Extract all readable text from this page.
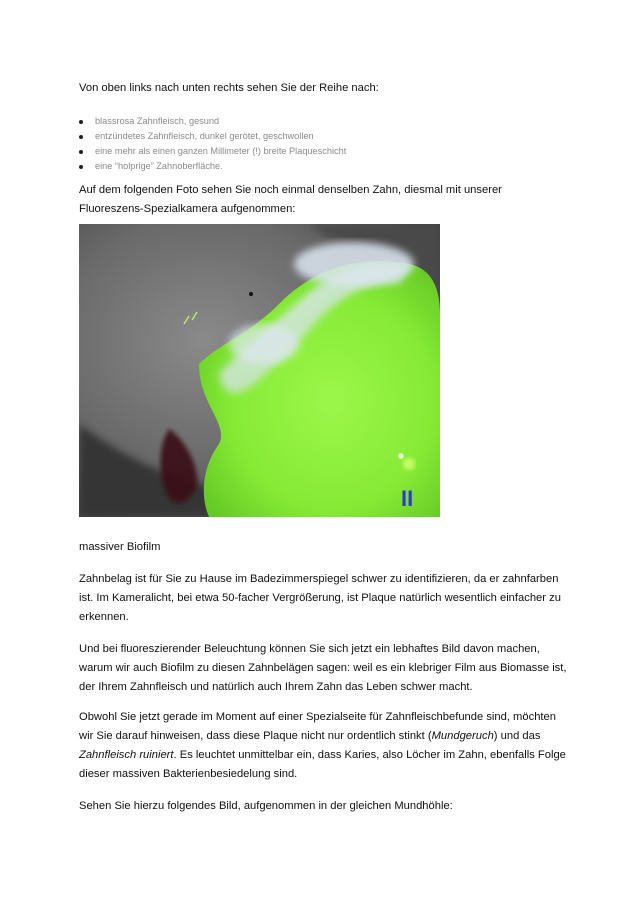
Von oben links nach unten rechts sehen Sie der Reihe nach:

blassrosa Zahnfleisch, gesund
entzündetes Zahnfleisch, dunkel gerötet, geschwollen
eine mehr als einen ganzen Millimeter (!) breite Plaqueschicht
eine “holprige” Zahnoberfläche.

Auf dem folgenden Foto sehen Sie noch einmal denselben Zahn, diesmal mit unserer

Fluoreszens-Spezialkamera aufgenommen:

II

massiver Biofilm

Zahnbelag ist für Sie zu Hause im Badezimmerspiegel schwer zu identifizieren, da er zahnfarben ist. Im Kameralicht, bei etwa 50-facher Vergrößerung, ist Plaque natürlich wesentlich einfacher zu erkennen.

Und bei fluoreszierender Beleuchtung können Sie sich jetzt ein lebhaftes Bild davon machen, warum wir auch Biofilm zu diesen Zahnbelägen sagen: weil es ein klebriger Film aus Biomasse ist, der Ihrem Zahnfleisch und natürlich auch Ihrem Zahn das Leben schwer macht.

Obwohl Sie jetzt gerade im Moment auf einer Spezialseite für Zahnfleischbefunde sind, möchten wir Sie darauf hinweisen, dass diese Plaque nicht nur ordentlich stinkt (Mundgeruch) und das Zahnfleisch ruiniert. Es leuchtet unmittelbar ein, dass Karies, also Löcher im Zahn, ebenfalls Folge dieser massiven Bakterienbesiedelung sind.

Sehen Sie hierzu folgendes Bild, aufgenommen in der gleichen Mundhöhle:
